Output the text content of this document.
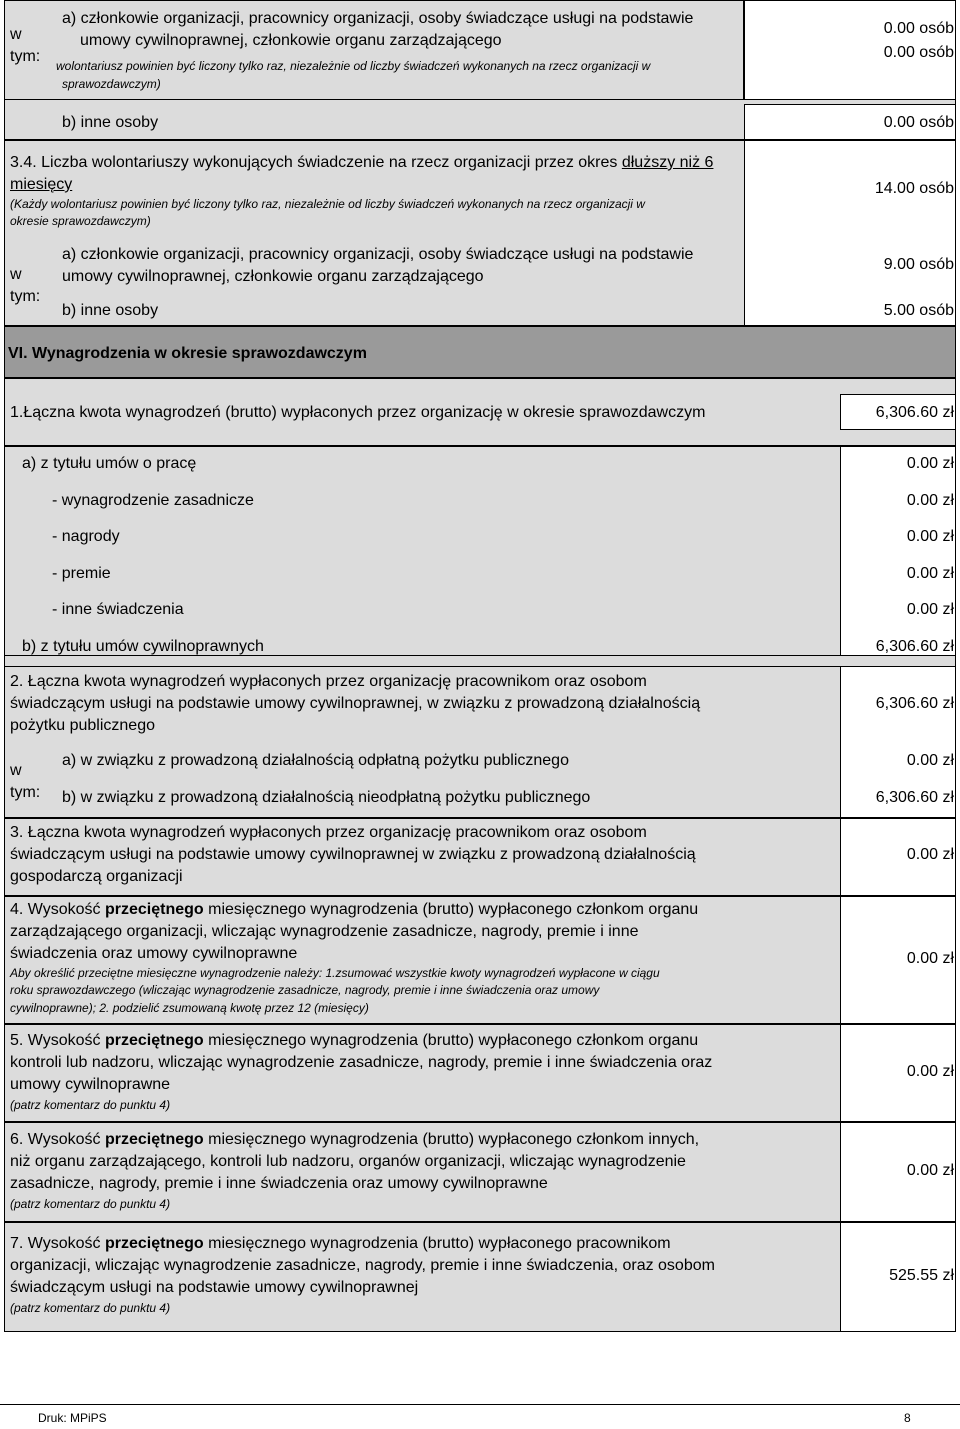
w tym:
a) członkowie organizacji, pracownicy organizacji, osoby świadczące usługi na podstawie
umowy cywilnoprawnej, członkowie organu zarządzającego
wolontariusz powinien być liczony tylko raz, niezależnie od liczby świadczeń wykonanych na rzecz organizacji w
sprawozdawczym)
0.00 osób
0.00 osób
b) inne osoby	0.00 osób
3.4. Liczba wolontariuszy wykonujących świadczenie na rzecz organizacji przez okres dłuższy niż 6
miesięcy
(Każdy wolontariusz powinien być liczony tylko raz, niezależnie od liczby świadczeń wykonanych na rzecz organizacji w
okresie sprawozdawczym)
14.00 osób
w tym:
a) członkowie organizacji, pracownicy organizacji, osoby świadczące usługi na podstawie
umowy cywilnoprawnej, członkowie organu zarządzającego
9.00 osób
b) inne osoby	5.00 osób
VI. Wynagrodzenia w okresie sprawozdawczym
1.Łączna kwota wynagrodzeń (brutto) wypłaconych przez organizację w okresie sprawozdawczym	6,306.60 zł
a) z tytułu umów o pracę	0.00 zł
- wynagrodzenie zasadnicze	0.00 zł
- nagrody	0.00 zł
- premie	0.00 zł
- inne świadczenia	0.00 zł
b) z tytułu umów cywilnoprawnych	6,306.60 zł
2. Łączna kwota wynagrodzeń wypłaconych przez organizację pracownikom oraz osobom
świadczącym usługi na podstawie umowy cywilnoprawnej, w związku z prowadzoną działalnością
pożytku publicznego
6,306.60 zł
w tym:
a) w związku z prowadzoną działalnością odpłatną pożytku publicznego	0.00 zł
b) w związku z prowadzoną działalnością nieodpłatną pożytku publicznego	6,306.60 zł
3. Łączna kwota wynagrodzeń wypłaconych przez organizację pracownikom oraz osobom
świadczącym usługi na podstawie umowy cywilnoprawnej w związku z prowadzoną działalnością
gospodarczą organizacji
0.00 zł
4. Wysokość przeciętnego miesięcznego wynagrodzenia (brutto) wypłaconego członkom organu
zarządzającego organizacji, wliczając wynagrodzenie zasadnicze, nagrody, premie i inne
świadczenia oraz umowy cywilnoprawne
Aby określić przeciętne miesięczne wynagrodzenie należy: 1.zsumować wszystkie kwoty wynagrodzeń wypłacone w ciągu
roku sprawozdawczego (wliczając wynagrodzenie zasadnicze, nagrody, premie i inne świadczenia oraz umowy
cywilnoprawne); 2. podzielić zsumowaną kwotę przez 12 (miesięcy)
0.00 zł
5. Wysokość przeciętnego miesięcznego wynagrodzenia (brutto) wypłaconego członkom organu
kontroli lub nadzoru, wliczając wynagrodzenie zasadnicze, nagrody, premie i inne świadczenia oraz
umowy cywilnoprawne
(patrz komentarz do punktu 4)
0.00 zł
6. Wysokość przeciętnego miesięcznego wynagrodzenia (brutto) wypłaconego członkom innych,
niż organu zarządzającego, kontroli lub nadzoru, organów organizacji, wliczając wynagrodzenie
zasadnicze, nagrody, premie i inne świadczenia oraz umowy cywilnoprawne
(patrz komentarz do punktu 4)
0.00 zł
7. Wysokość przeciętnego miesięcznego wynagrodzenia (brutto) wypłaconego pracownikom
organizacji, wliczając wynagrodzenie zasadnicze, nagrody, premie i inne świadczenia, oraz osobom
świadczącym usługi na podstawie umowy cywilnoprawnej
(patrz komentarz do punktu 4)
525.55 zł
Druk: MPiPS	8
